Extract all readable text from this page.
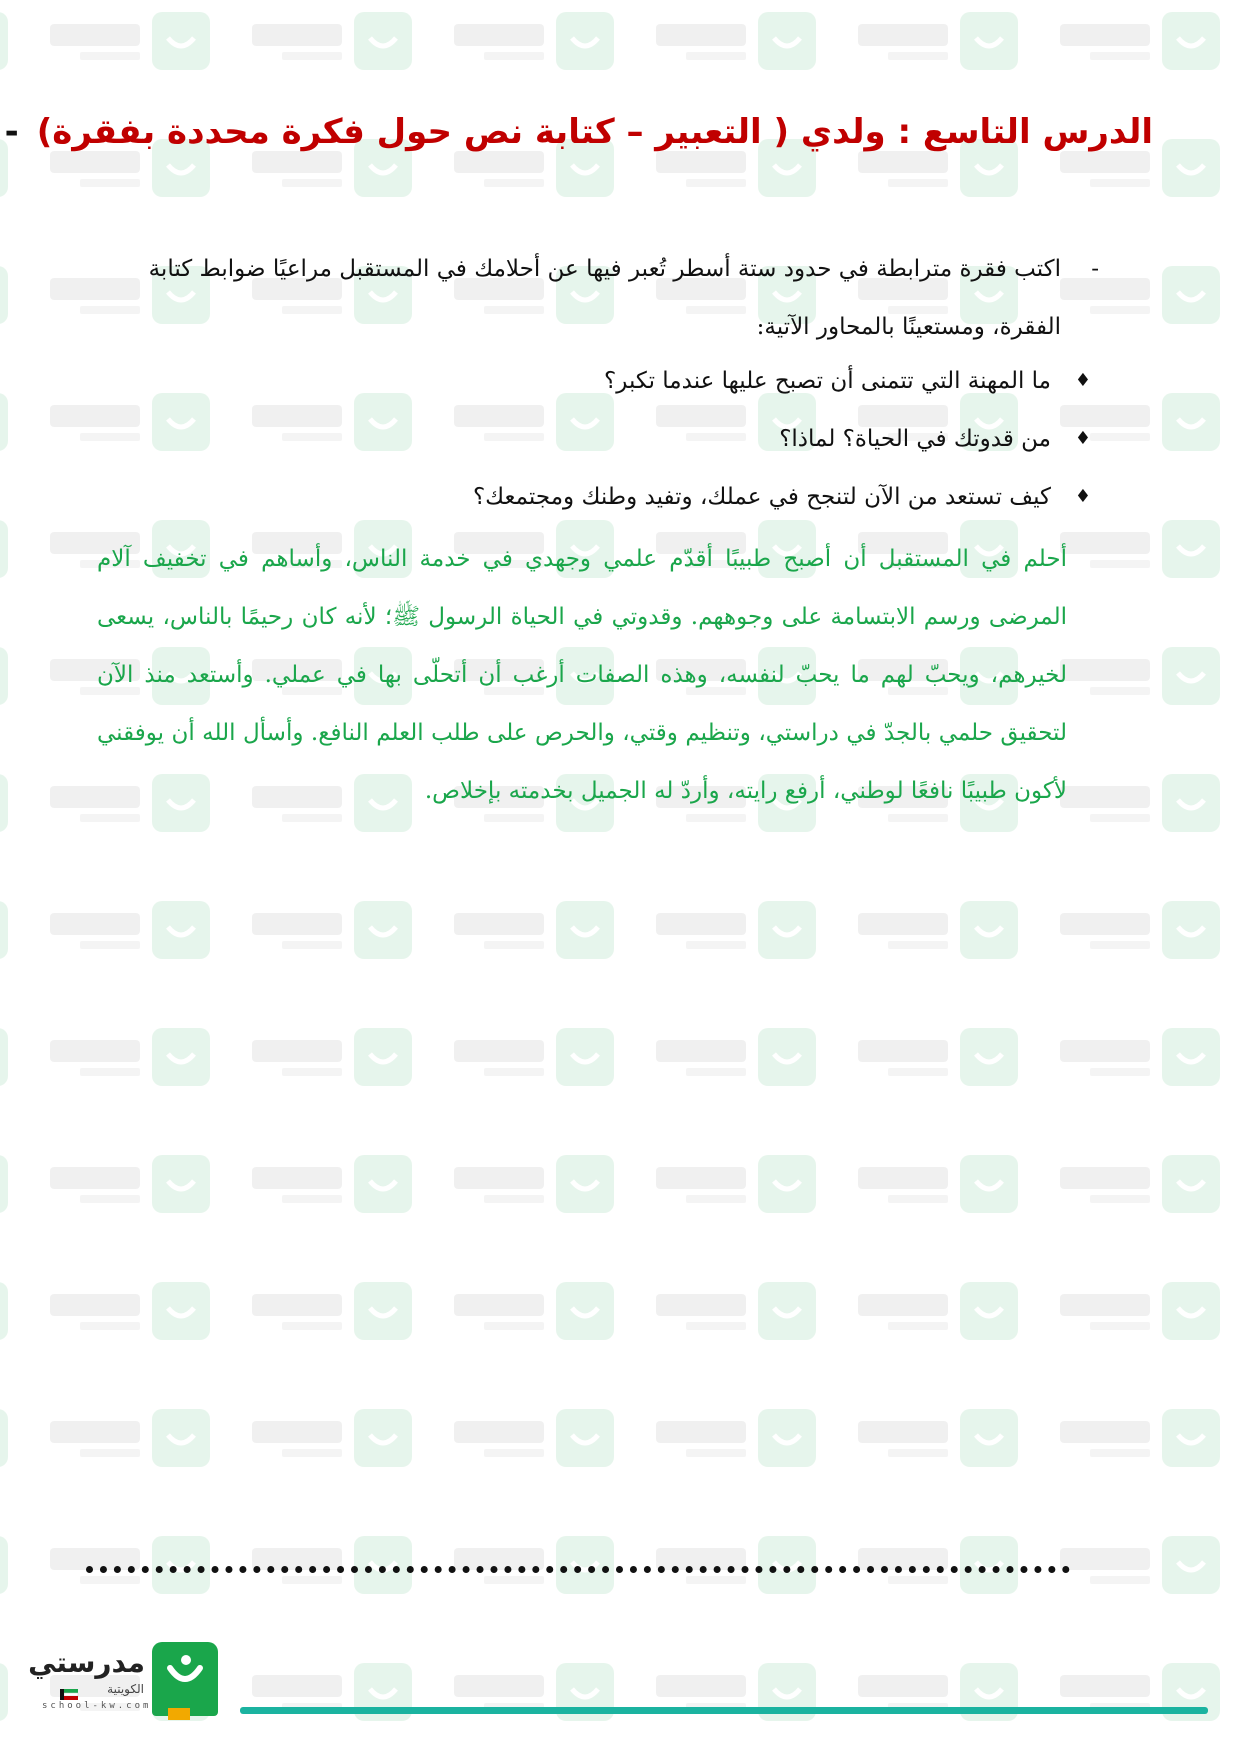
الدرس التاسع : ولدي ( التعبير – كتابة نص حول فكرة محددة بفقرة)-
-
اكتب فقرة مترابطة في حدود ستة أسطر تُعبر فيها عن أحلامك في المستقبل مراعيًا ضوابط كتابة الفقرة، ومستعينًا بالمحاور الآتية:
♦
ما المهنة التي تتمنى أن تصبح عليها عندما تكبر؟
♦
من قدوتك في الحياة؟ لماذا؟
♦
كيف تستعد من الآن لتنجح في عملك، وتفيد وطنك ومجتمعك؟
أحلم في المستقبل أن أصبح طبيبًا أقدّم علمي وجهدي في خدمة الناس، وأساهم في تخفيف آلام المرضى ورسم الابتسامة على وجوههم. وقدوتي في الحياة الرسول ﷺ؛ لأنه كان رحيمًا بالناس، يسعى لخيرهم، ويحبّ لهم ما يحبّ لنفسه، وهذه الصفات أرغب أن أتحلّى بها في عملي. وأستعد منذ الآن لتحقيق حلمي بالجدّ في دراستي، وتنظيم وقتي، والحرص على طلب العلم النافع. وأسأل الله أن يوفقني لأكون طبيبًا نافعًا لوطني، أرفع رايته، وأردّ له الجميل بخدمته بإخلاص.
مدرستي
الكويتية
school-kw.com
